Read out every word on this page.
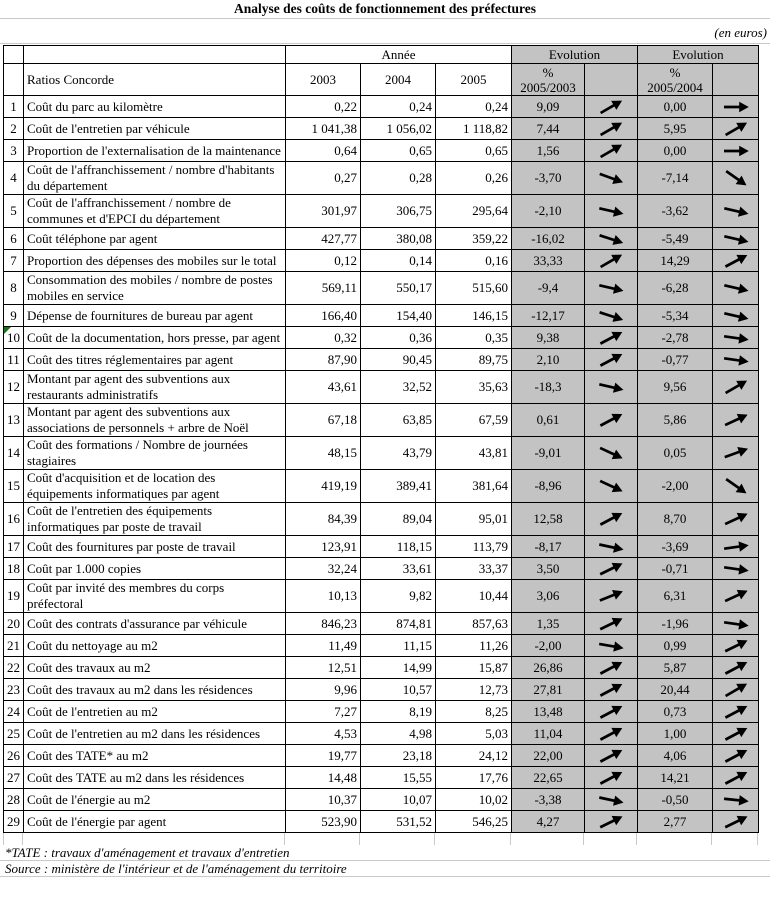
Analyse des coûts de fonctionnement des préfectures
(en euros)
		Année			Evolution		Evolution	
	Ratios Concorde	2003	2004	2005	%
2005/2003

%
2005/2004

1	Coût du parc au kilomètre	0,22	0,24	0,24	9,09		0,00	

2	Coût de l'entretien par véhicule	1 041,38	1 056,02	1 118,82	7,44		5,95	

3	Proportion de l'externalisation de la maintenance	0,64	0,65	0,65	1,56		0,00	

4	Coût de l'affranchissement / nombre d'habitants du département	0,27	0,28	0,26	-3,70		-7,14	

5	Coût de l'affranchissement / nombre de communes et d'EPCI du département	301,97	306,75	295,64	-2,10		-3,62	

6	Coût téléphone par agent	427,77	380,08	359,22	-16,02		-5,49	

7	Proportion des dépenses des mobiles sur le total	0,12	0,14	0,16	33,33		14,29	

8	Consommation des mobiles / nombre de postes mobiles en service	569,11	550,17	515,60	-9,4		-6,28	

9	Dépense de fournitures de bureau par agent	166,40	154,40	146,15	-12,17		-5,34	

10	Coût de la documentation, hors presse, par agent	0,32	0,36	0,35	9,38		-2,78	

11	Coût des titres réglementaires par agent	87,90	90,45	89,75	2,10		-0,77	

12	Montant par agent des subventions aux restaurants administratifs	43,61	32,52	35,63	-18,3		9,56	

13	Montant par agent des subventions aux associations de personnels + arbre de Noël	67,18	63,85	67,59	0,61		5,86	

14	Coût des formations / Nombre de journées stagiaires	48,15	43,79	43,81	-9,01		0,05	

15	Coût d'acquisition et de location des équipements informatiques par agent	419,19	389,41	381,64	-8,96		-2,00	

16	Coût de l'entretien des équipements informatiques par poste de travail	84,39	89,04	95,01	12,58		8,70	

17	Coût des fournitures par poste de travail	123,91	118,15	113,79	-8,17		-3,69	

18	Coût par 1.000 copies	32,24	33,61	33,37	3,50		-0,71	

19	Coût par invité des membres du corps préfectoral	10,13	9,82	10,44	3,06		6,31	

20	Coût des contrats d'assurance par véhicule	846,23	874,81	857,63	1,35		-1,96	

21	Coût du nettoyage au m2	11,49	11,15	11,26	-2,00		0,99	

22	Coût des travaux au m2	12,51	14,99	15,87	26,86		5,87	

23	Coût des travaux au m2 dans les résidences	9,96	10,57	12,73	27,81		20,44	

24	Coût de l'entretien au m2	7,27	8,19	8,25	13,48		0,73	

25	Coût de l'entretien au m2 dans les résidences	4,53	4,98	5,03	11,04		1,00	

26	Coût des TATE* au m2	19,77	23,18	24,12	22,00		4,06	

27	Coût des TATE au m2 dans les résidences	14,48	15,55	17,76	22,65		14,21	

28	Coût de l'énergie au m2	10,37	10,07	10,02	-3,38		-0,50	

29	Coût de l'énergie par agent	523,90	531,52	546,25	4,27		2,77	
*TATE : travaux d'aménagement et travaux d'entretien
Source : ministère de l'intérieur et de l'aménagement du territoire
